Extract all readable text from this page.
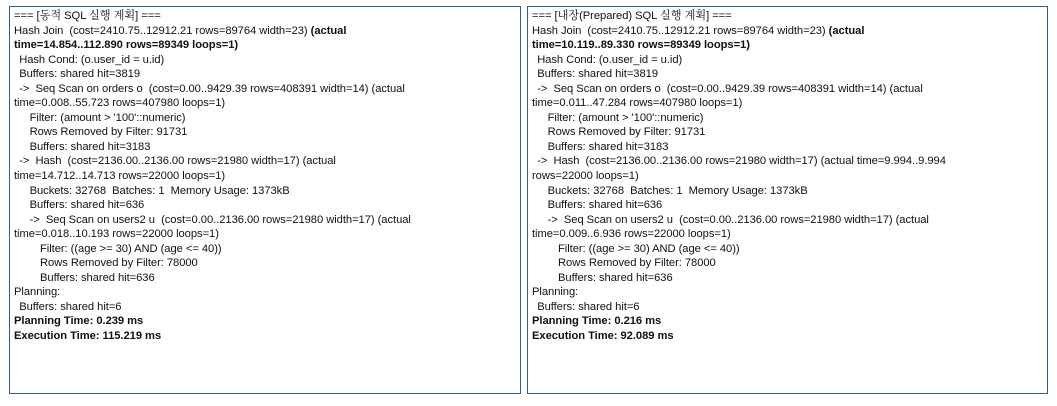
=== [동적 SQL 실행 계획] ===
Hash Join  (cost=2410.75..12912.21 rows=89764 width=23) (actual
time=14.854..112.890 rows=89349 loops=1)
Hash Cond: (o.user_id = u.id)
Buffers: shared hit=3819
->  Seq Scan on orders o  (cost=0.00..9429.39 rows=408391 width=14) (actual
time=0.008..55.723 rows=407980 loops=1)
Filter: (amount > '100'::numeric)
Rows Removed by Filter: 91731
Buffers: shared hit=3183
->  Hash  (cost=2136.00..2136.00 rows=21980 width=17) (actual
time=14.712..14.713 rows=22000 loops=1)
Buckets: 32768  Batches: 1  Memory Usage: 1373kB
Buffers: shared hit=636
->  Seq Scan on users2 u  (cost=0.00..2136.00 rows=21980 width=17) (actual
time=0.018..10.193 rows=22000 loops=1)
Filter: ((age >= 30) AND (age <= 40))
Rows Removed by Filter: 78000
Buffers: shared hit=636
Planning:
Buffers: shared hit=6
Planning Time: 0.239 ms
Execution Time: 115.219 ms
=== [내장(Prepared) SQL 실행 계획] ===
Hash Join  (cost=2410.75..12912.21 rows=89764 width=23) (actual
time=10.119..89.330 rows=89349 loops=1)
Hash Cond: (o.user_id = u.id)
Buffers: shared hit=3819
->  Seq Scan on orders o  (cost=0.00..9429.39 rows=408391 width=14) (actual
time=0.011..47.284 rows=407980 loops=1)
Filter: (amount > '100'::numeric)
Rows Removed by Filter: 91731
Buffers: shared hit=3183
->  Hash  (cost=2136.00..2136.00 rows=21980 width=17) (actual time=9.994..9.994
rows=22000 loops=1)
Buckets: 32768  Batches: 1  Memory Usage: 1373kB
Buffers: shared hit=636
->  Seq Scan on users2 u  (cost=0.00..2136.00 rows=21980 width=17) (actual
time=0.009..6.936 rows=22000 loops=1)
Filter: ((age >= 30) AND (age <= 40))
Rows Removed by Filter: 78000
Buffers: shared hit=636
Planning:
Buffers: shared hit=6
Planning Time: 0.216 ms
Execution Time: 92.089 ms
